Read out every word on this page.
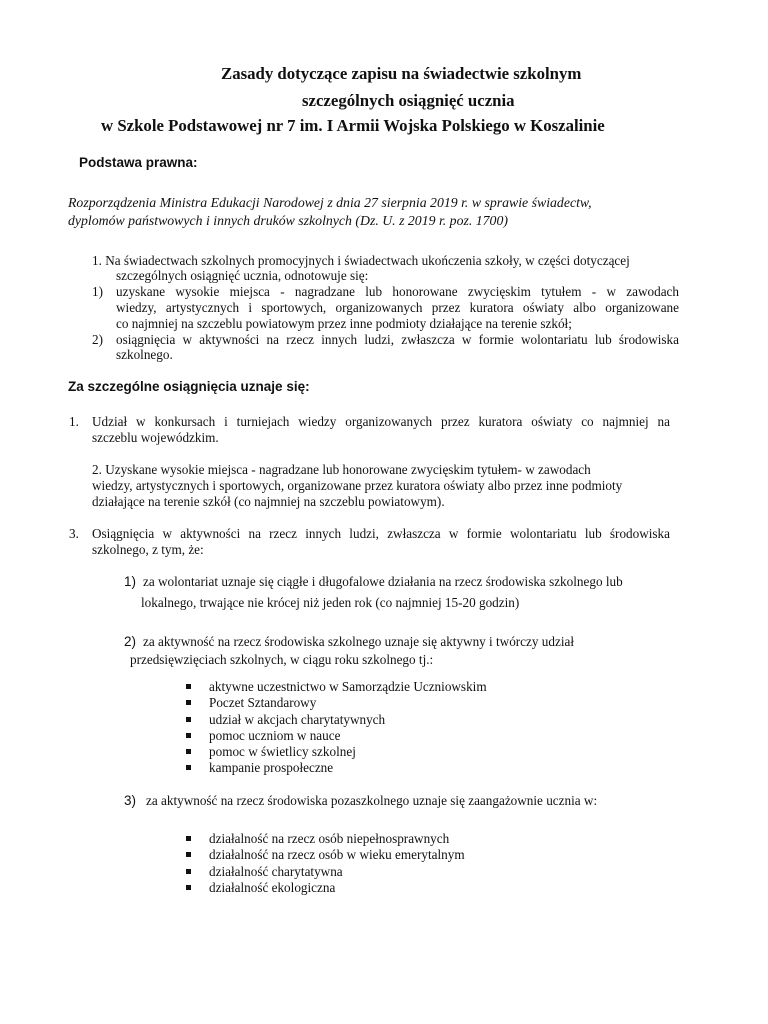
Zasady dotyczące zapisu na świadectwie szkolnym
szczególnych osiągnięć ucznia
w Szkole Podstawowej nr 7 im. I Armii Wojska Polskiego w Koszalinie
Podstawa prawna:
Rozporządzenia Ministra Edukacji Narodowej z dnia 27 sierpnia 2019 r. w sprawie świadectw,
dyplomów państwowych i innych druków szkolnych (Dz. U. z 2019 r. poz. 1700)
1. Na świadectwach szkolnych promocyjnych i świadectwach ukończenia szkoły, w części dotyczącej
szczególnych osiągnięć ucznia, odnotowuje się:
1) uzyskane wysokie miejsca - nagradzane lub honorowane zwycięskim tytułem - w zawodach
wiedzy, artystycznych i sportowych, organizowanych przez kuratora oświaty albo organizowane
co najmniej na szczeblu powiatowym przez inne podmioty działające na terenie szkół;
2) osiągnięcia w aktywności na rzecz innych ludzi, zwłaszcza w formie wolontariatu lub środowiska
szkolnego.
Za szczególne osiągnięcia uznaje się:
1. Udział w konkursach i turniejach wiedzy organizowanych przez kuratora oświaty co najmniej na
szczeblu wojewódzkim.
2. Uzyskane wysokie miejsca - nagradzane lub honorowane zwycięskim tytułem- w zawodach
wiedzy, artystycznych i sportowych, organizowane przez kuratora oświaty albo przez inne podmioty
działające na terenie szkół (co najmniej na szczeblu powiatowym).
3. Osiągnięcia w aktywności na rzecz innych ludzi, zwłaszcza w formie wolontariatu lub środowiska
szkolnego, z tym, że:
1) za wolontariat uznaje się ciągłe i długofalowe działania na rzecz środowiska szkolnego lub
lokalnego, trwające nie krócej niż jeden rok (co najmniej 15-20 godzin)
2) za aktywność na rzecz środowiska szkolnego uznaje się aktywny i twórczy udział
przedsięwzięciach szkolnych, w ciągu roku szkolnego tj.:
aktywne uczestnictwo w Samorządzie Uczniowskim
Poczet Sztandarowy
udział w akcjach charytatywnych
pomoc uczniom w nauce
pomoc w świetlicy szkolnej
kampanie prospołeczne
3) za aktywność na rzecz środowiska pozaszkolnego uznaje się zaangażownie ucznia w:
działalność na rzecz osób niepełnosprawnych
działalność na rzecz osób w wieku emerytalnym
działalność charytatywna
działalność ekologiczna
